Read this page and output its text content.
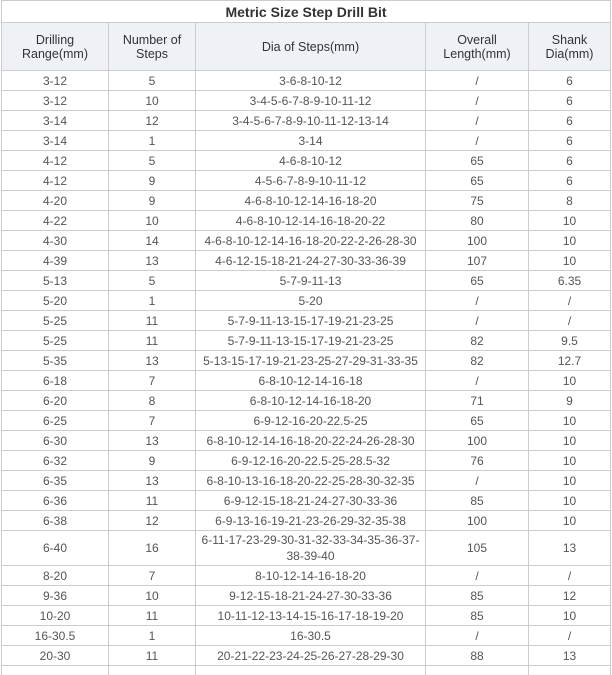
Metric Size Step Drill Bit				
Drilling Range(mm)	Number of Steps	Dia of Steps(mm)	Overall Length(mm)	Shank Dia(mm)
3-12	5	3-6-8-10-12	/	6
3-12	10	3-4-5-6-7-8-9-10-11-12	/	6
3-14	12	3-4-5-6-7-8-9-10-11-12-13-14	/	6
3-14	1	3-14	/	6
4-12	5	4-6-8-10-12	65	6
4-12	9	4-5-6-7-8-9-10-11-12	65	6
4-20	9	4-6-8-10-12-14-16-18-20	75	8
4-22	10	4-6-8-10-12-14-16-18-20-22	80	10
4-30	14	4-6-8-10-12-14-16-18-20-22-2-26-28-30	100	10
4-39	13	4-6-12-15-18-21-24-27-30-33-36-39	107	10
5-13	5	5-7-9-11-13	65	6.35
5-20	1	5-20	/	/
5-25	11	5-7-9-11-13-15-17-19-21-23-25	/	/
5-25	11	5-7-9-11-13-15-17-19-21-23-25	82	9.5
5-35	13	5-13-15-17-19-21-23-25-27-29-31-33-35	82	12.7
6-18	7	6-8-10-12-14-16-18	/	10
6-20	8	6-8-10-12-14-16-18-20	71	9
6-25	7	6-9-12-16-20-22.5-25	65	10
6-30	13	6-8-10-12-14-16-18-20-22-24-26-28-30	100	10
6-32	9	6-9-12-16-20-22.5-25-28.5-32	76	10
6-35	13	6-8-10-13-16-18-20-22-25-28-30-32-35	/	10
6-36	11	6-9-12-15-18-21-24-27-30-33-36	85	10
6-38	12	6-9-13-16-19-21-23-26-29-32-35-38	100	10
6-40	16	6-11-17-23-29-30-31-32-33-34-35-36-37-38-39-40	105	13
8-20	7	8-10-12-14-16-18-20	/	/
9-36	10	9-12-15-18-21-24-27-30-33-36	85	12
10-20	11	10-11-12-13-14-15-16-17-18-19-20	85	10
16-30.5	1	16-30.5	/	/
20-30	11	20-21-22-23-24-25-26-27-28-29-30	88	13
